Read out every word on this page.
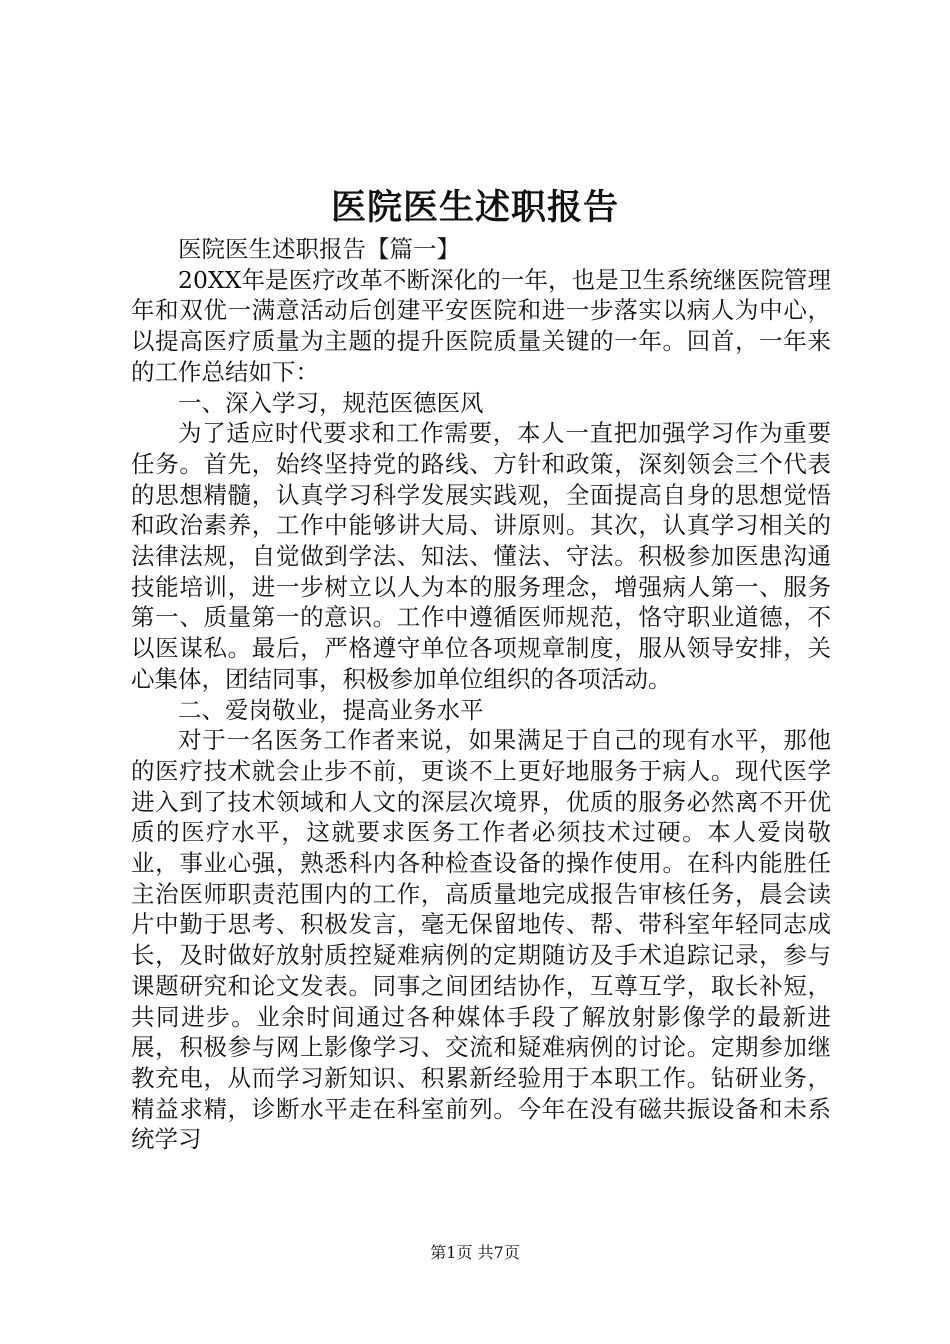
医院医生述职报告

医院医生述职报告【篇一】

20XX年是医疗改革不断深化的一年，也是卫生系统继医院管理年和双优一满意活动后创建平安医院和进一步落实以病人为中心，以提高医疗质量为主题的提升医院质量关键的一年。回首，一年来的工作总结如下：

一、深入学习，规范医德医风

为了适应时代要求和工作需要，本人一直把加强学习作为重要任务。首先，始终坚持党的路线、方针和政策，深刻领会三个代表的思想精髓，认真学习科学发展实践观，全面提高自身的思想觉悟和政治素养，工作中能够讲大局、讲原则。其次，认真学习相关的法律法规，自觉做到学法、知法、懂法、守法。积极参加医患沟通技能培训，进一步树立以人为本的服务理念，增强病人第一、服务第一、质量第一的意识。工作中遵循医师规范，恪守职业道德，不以医谋私。最后，严格遵守单位各项规章制度，服从领导安排，关心集体，团结同事，积极参加单位组织的各项活动。

二、爱岗敬业，提高业务水平

对于一名医务工作者来说，如果满足于自己的现有水平，那他的医疗技术就会止步不前，更谈不上更好地服务于病人。现代医学进入到了技术领域和人文的深层次境界，优质的服务必然离不开优质的医疗水平，这就要求医务工作者必须技术过硬。本人爱岗敬业，事业心强，熟悉科内各种检查设备的操作使用。在科内能胜任主治医师职责范围内的工作，高质量地完成报告审核任务，晨会读片中勤于思考、积极发言，毫无保留地传、帮、带科室年轻同志成长，及时做好放射质控疑难病例的定期随访及手术追踪记录，参与课题研究和论文发表。同事之间团结协作，互尊互学，取长补短，共同进步。业余时间通过各种媒体手段了解放射影像学的最新进展，积极参与网上影像学习、交流和疑难病例的讨论。定期参加继教充电，从而学习新知识、积累新经验用于本职工作。钻研业务，精益求精，诊断水平走在科室前列。今年在没有磁共振设备和未系统学习

第1页 共7页
